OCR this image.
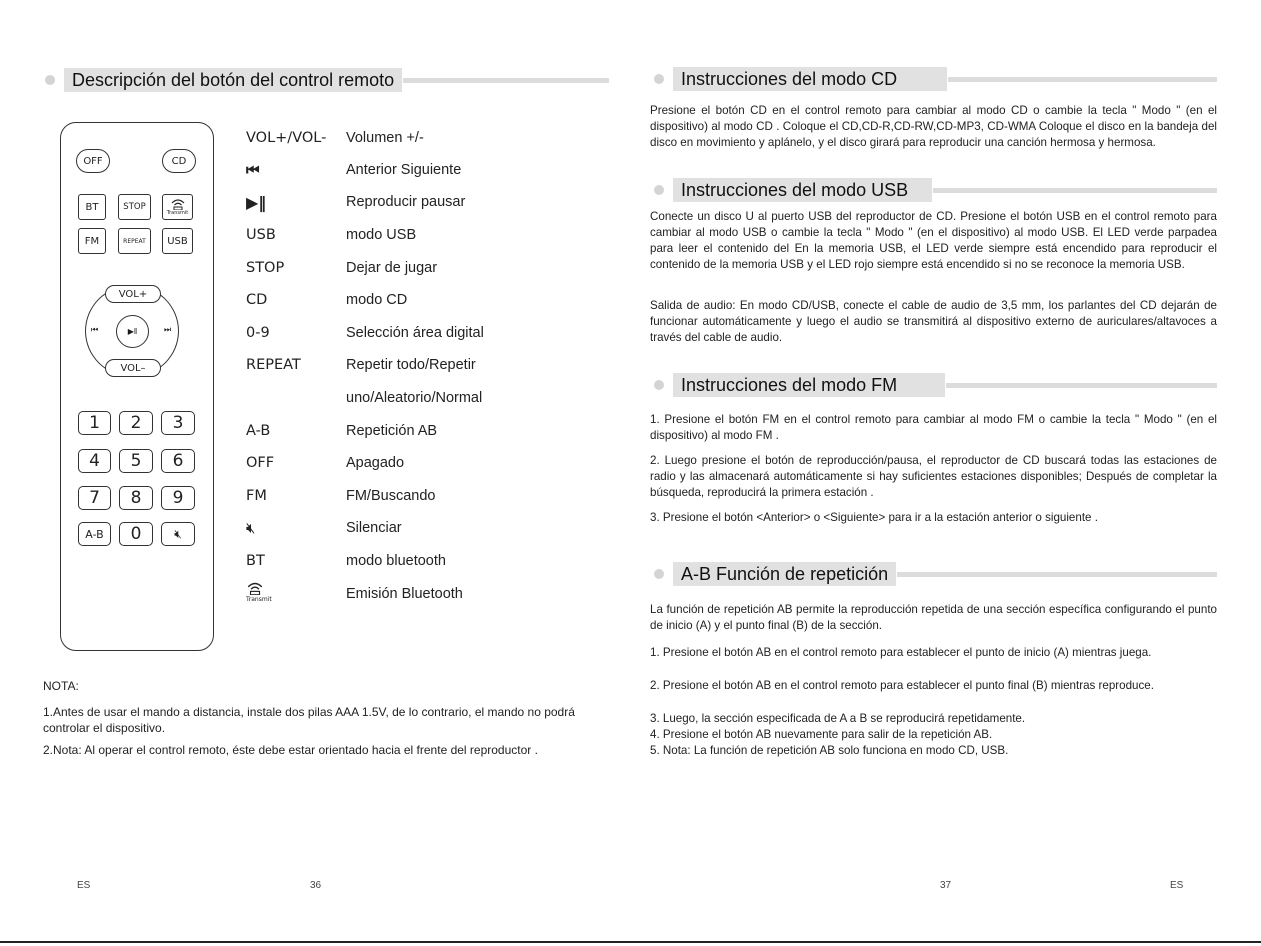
Descripción del botón del control remoto
OFF	CD
BT	STOP
Transmit
FM	REPEAT	USB
VOL+
VOL–
⏮	▶‖	⏭
1	2	3
4	5	6
7	8	9
A-B	0	🔇︎
VOL+/VOL-	Volumen +/-
⏮	Anterior Siguiente
▶‖	Reproducir pausar
USB	modo USB
STOP	Dejar de jugar
CD	modo CD
0-9	Selección área digital
REPEAT	Repetir todo/Repetir
uno/Aleatorio/Normal
A-B	Repetición AB
OFF	Apagado
FM	FM/Buscando
🔇︎	Silenciar
BT	modo bluetooth
Transmit	Emisión Bluetooth
NOTA:
1.Antes de usar el mando a distancia, instale dos pilas AAA 1.5V, de lo contrario, el mando no podrá controlar el dispositivo.
2.Nota: Al operar el control remoto, éste debe estar orientado hacia el frente del reproductor .
ES	36
Instrucciones del modo CD
Presione el botón CD en el control remoto para cambiar al modo CD o cambie la tecla " Modo " (en el dispositivo) al modo CD . Coloque el CD,CD-R,CD-RW,CD-MP3, CD-WMA Coloque el disco en la bandeja del disco en movimiento y aplánelo, y el disco girará para reproducir una canción hermosa y hermosa.
Instrucciones del modo USB
Conecte un disco U al puerto USB del reproductor de CD. Presione el botón USB en el control remoto para cambiar al modo USB o cambie la tecla " Modo " (en el dispositivo) al modo USB. El LED verde parpadea para leer el contenido del En la memoria USB, el LED verde siempre está encendido para reproducir el contenido de la memoria USB y el LED rojo siempre está encendido si no se reconoce la memoria USB.
Salida de audio: En modo CD/USB, conecte el cable de audio de 3,5 mm, los parlantes del CD dejarán de funcionar automáticamente y luego el audio se transmitirá al dispositivo externo de auriculares/altavoces a través del cable de audio.
Instrucciones del modo FM
1. Presione el botón FM en el control remoto para cambiar al modo FM o cambie la tecla " Modo " (en el dispositivo) al modo FM .
2. Luego presione el botón de reproducción/pausa, el reproductor de CD buscará todas las estaciones de radio y las almacenará automáticamente si hay suficientes estaciones disponibles; Después de completar la búsqueda, reproducirá la primera estación .
3. Presione el botón <Anterior> o <Siguiente> para ir a la estación anterior o siguiente .
A-B Función de repetición
La función de repetición AB permite la reproducción repetida de una sección específica configurando el punto de inicio (A) y el punto final (B) de la sección.
1. Presione el botón AB en el control remoto para establecer el punto de inicio (A) mientras juega.
2. Presione el botón AB en el control remoto para establecer el punto final (B) mientras reproduce.
3. Luego, la sección especificada de A a B se reproducirá repetidamente.
4. Presione el botón AB nuevamente para salir de la repetición AB.
5. Nota: La función de repetición AB solo funciona en modo CD, USB.
37	ES
